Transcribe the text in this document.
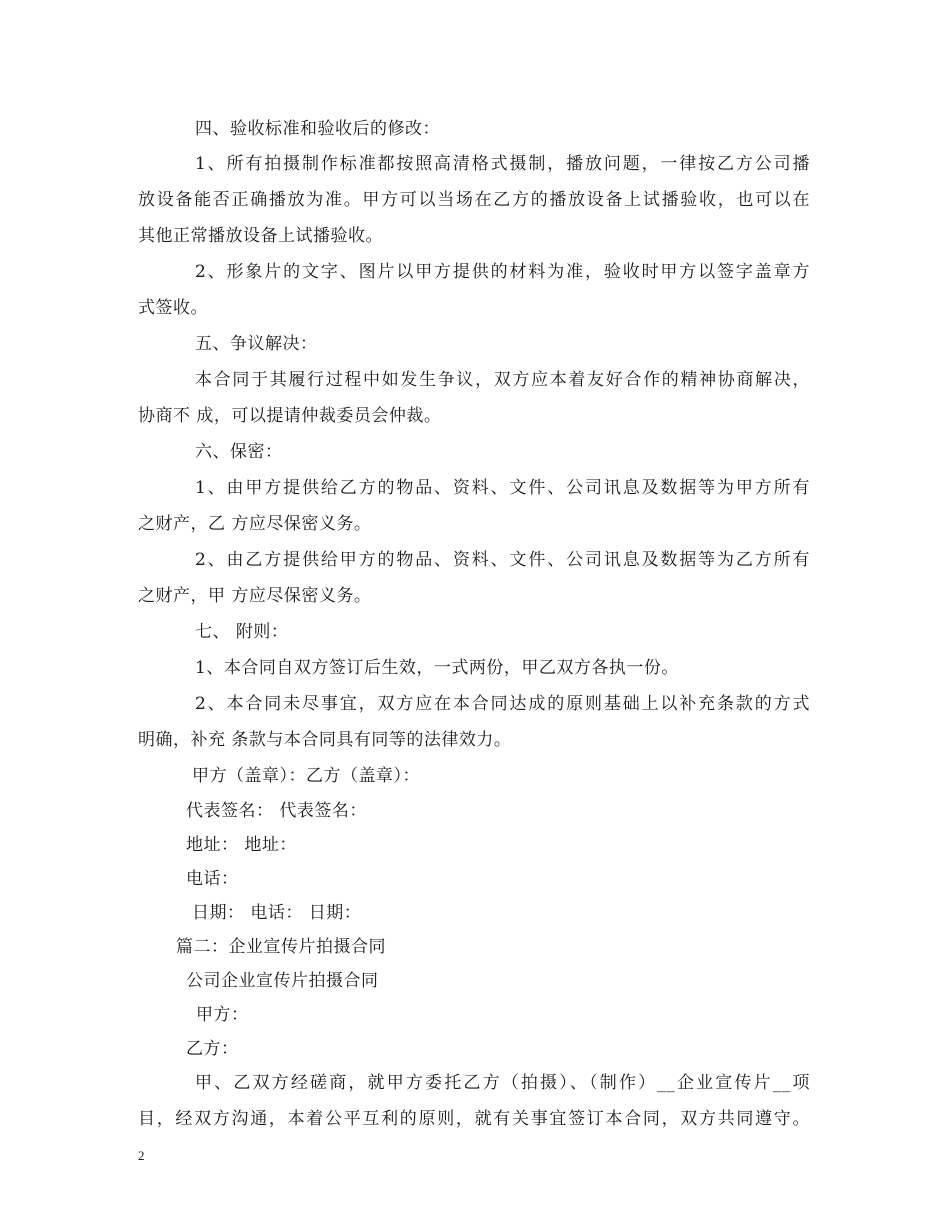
四、验收标准和验收后的修改：
1、所有拍摄制作标准都按照高清格式摄制，播放问题，一律按乙方公司播
放设备能否正确播放为准。甲方可以当场在乙方的播放设备上试播验收，也可以在
其他正常播放设备上试播验收。
2、形象片的文字、图片以甲方提供的材料为准，验收时甲方以签字盖章方
式签收。
五、争议解决：
本合同于其履行过程中如发生争议，双方应本着友好合作的精神协商解决，
协商不 成，可以提请仲裁委员会仲裁。
六、保密：
1、由甲方提供给乙方的物品、资料、文件、公司讯息及数据等为甲方所有
之财产，乙 方应尽保密义务。
2、由乙方提供给甲方的物品、资料、文件、公司讯息及数据等为乙方所有
之财产，甲 方应尽保密义务。
七、 附则：
1、本合同自双方签订后生效，一式两份，甲乙双方各执一份。
2、本合同未尽事宜，双方应在本合同达成的原则基础上以补充条款的方式
明确，补充 条款与本合同具有同等的法律效力。
甲方（盖章）：乙方（盖章）：
代表签名： 代表签名：
地址： 地址：
电话：
日期： 电话： 日期：
篇二：企业宣传片拍摄合同
公司企业宣传片拍摄合同
甲方：
乙方：
甲、乙双方经磋商，就甲方委托乙方（拍摄）、（制作）__企业宣传片__项
目，经双方沟通，本着公平互利的原则，就有关事宜签订本合同，双方共同遵守。
2
